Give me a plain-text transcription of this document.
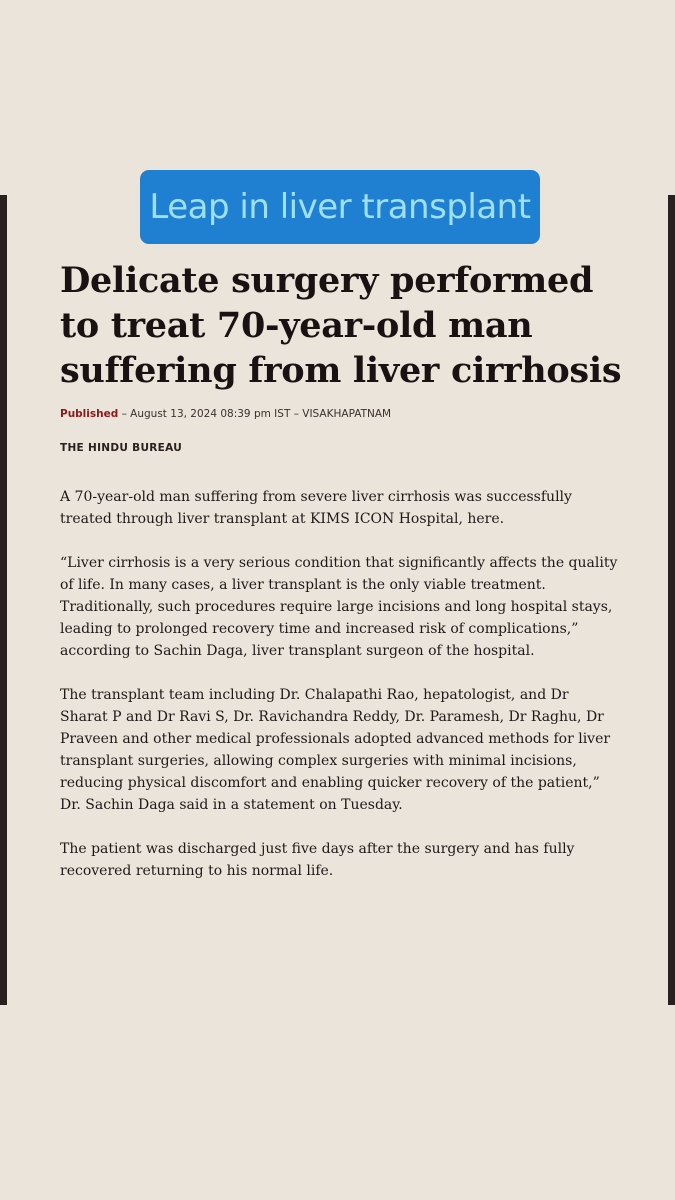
Leap in liver transplant
Delicate surgery performed to treat 70-year-old man suffering from liver cirrhosis
Published – August 13, 2024 08:39 pm IST – VISAKHAPATNAM
THE HINDU BUREAU

A 70-year-old man suffering from severe liver cirrhosis was successfully treated through liver transplant at KIMS ICON Hospital, here.

“Liver cirrhosis is a very serious condition that significantly affects the quality of life. In many cases, a liver transplant is the only viable treatment. Traditionally, such procedures require large incisions and long hospital stays, leading to prolonged recovery time and increased risk of complications,” according to Sachin Daga, liver transplant surgeon of the hospital.

The transplant team including Dr. Chalapathi Rao, hepatologist, and Dr Sharat P and Dr Ravi S, Dr. Ravichandra Reddy, Dr. Paramesh, Dr Raghu, Dr Praveen and other medical professionals adopted advanced methods for liver transplant surgeries, allowing complex surgeries with minimal incisions, reducing physical discomfort and enabling quicker recovery of the patient,” Dr. Sachin Daga said in a statement on Tuesday.

The patient was discharged just five days after the surgery and has fully recovered returning to his normal life.
